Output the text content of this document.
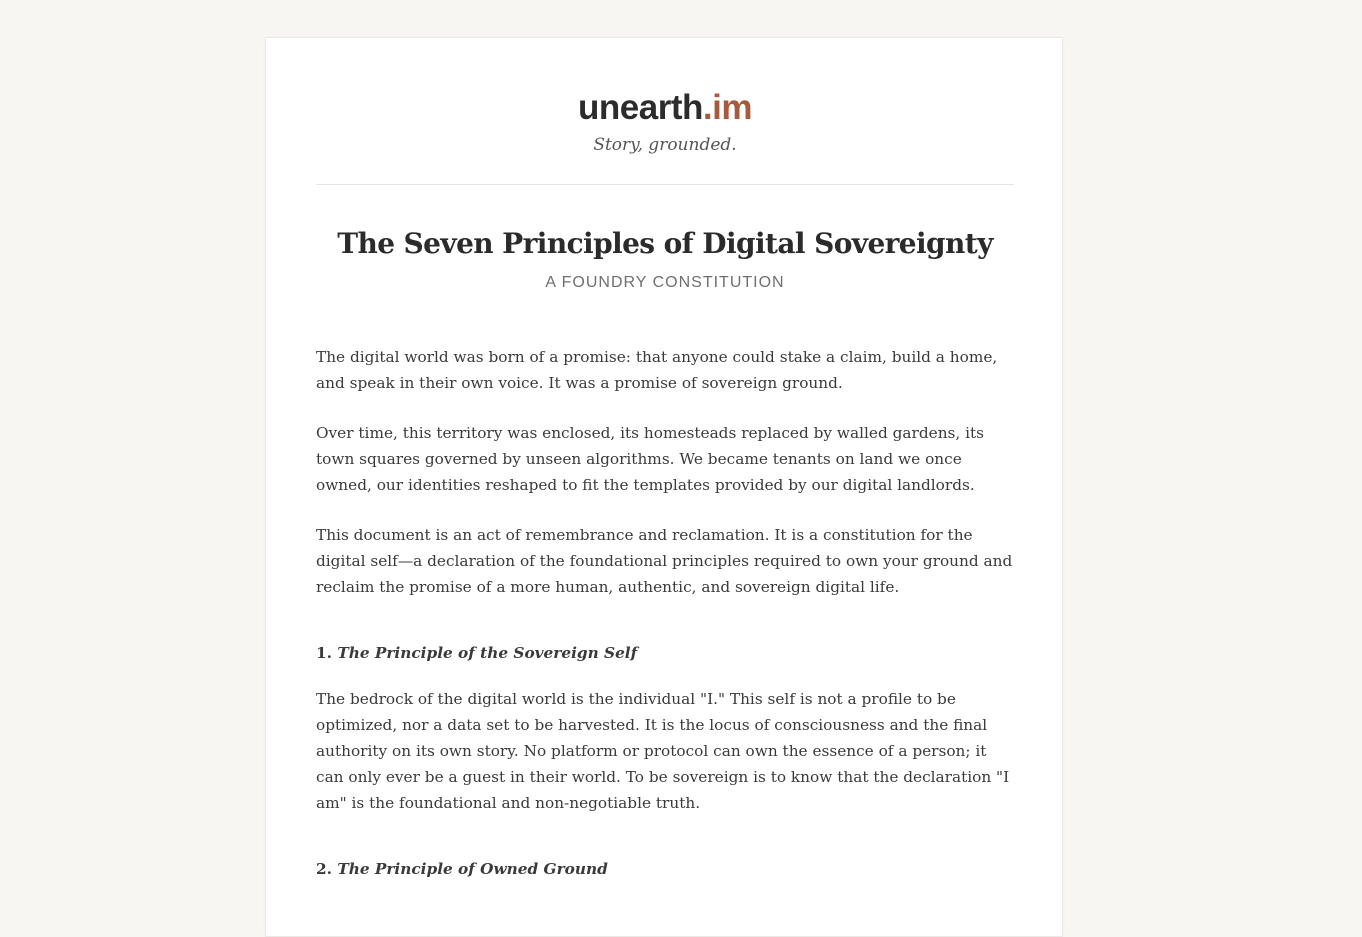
unearth.im
Story, grounded.
The Seven Principles of Digital Sovereignty
A FOUNDRY CONSTITUTION

The digital world was born of a promise: that anyone could stake a claim, build a home, and speak in their own voice. It was a promise of sovereign ground.

Over time, this territory was enclosed, its homesteads replaced by walled gardens, its town squares governed by unseen algorithms. We became tenants on land we once owned, our identities reshaped to fit the templates provided by our digital landlords.

This document is an act of remembrance and reclamation. It is a constitution for the digital self—a declaration of the foundational principles required to own your ground and reclaim the promise of a more human, authentic, and sovereign digital life.

1. The Principle of the Sovereign Self

The bedrock of the digital world is the individual "I." This self is not a profile to be optimized, nor a data set to be harvested. It is the locus of consciousness and the final authority on its own story. No platform or protocol can own the essence of a person; it can only ever be a guest in their world. To be sovereign is to know that the declaration "I am" is the foundational and non-negotiable truth.

2. The Principle of Owned Ground
